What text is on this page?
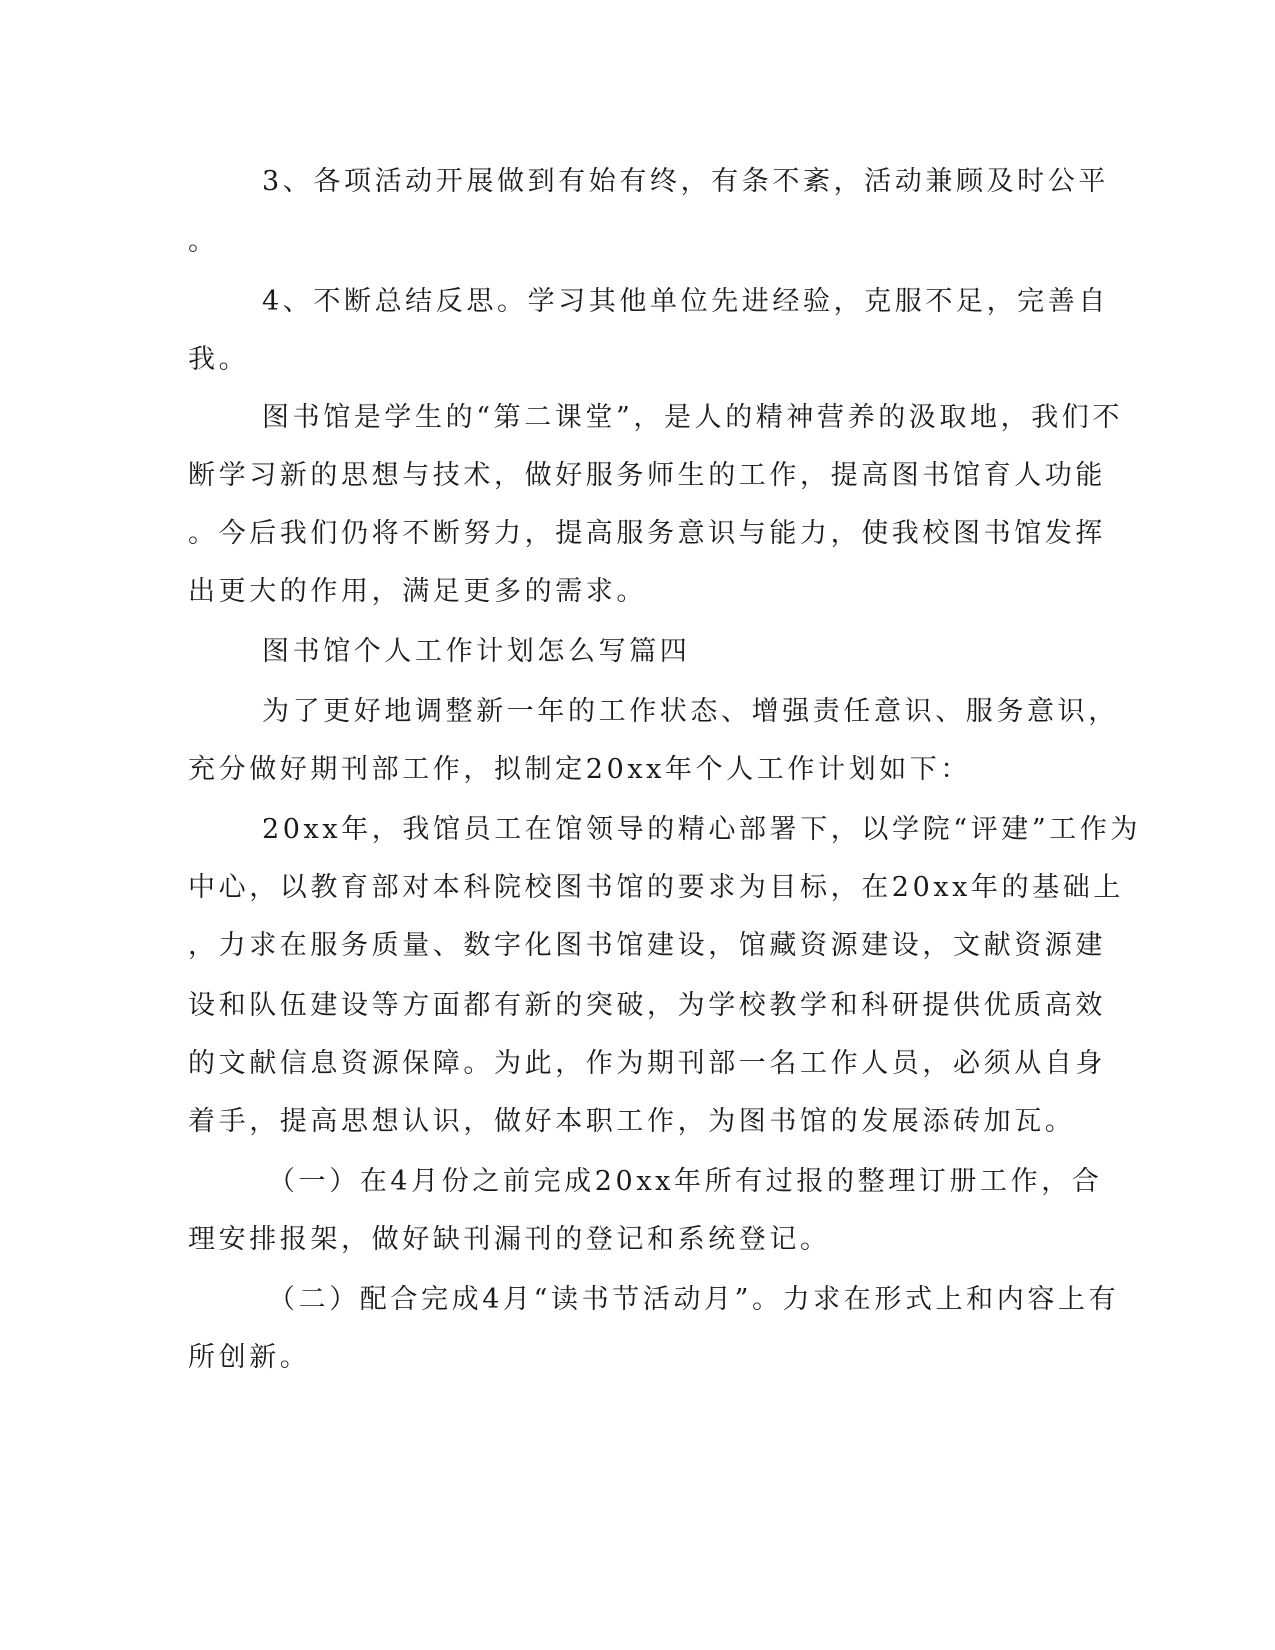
3、各项活动开展做到有始有终，有条不紊，活动兼顾及时公平
。
4、不断总结反思。学习其他单位先进经验，克服不足，完善自
我。
图书馆是学生的“第二课堂”，是人的精神营养的汲取地，我们不
断学习新的思想与技术，做好服务师生的工作，提高图书馆育人功能
。今后我们仍将不断努力，提高服务意识与能力，使我校图书馆发挥
出更大的作用，满足更多的需求。
图书馆个人工作计划怎么写篇四
为了更好地调整新一年的工作状态、增强责任意识、服务意识，
充分做好期刊部工作，拟制定20xx年个人工作计划如下：
20xx年，我馆员工在馆领导的精心部署下，以学院“评建”工作为
中心，以教育部对本科院校图书馆的要求为目标，在20xx年的基础上
，力求在服务质量、数字化图书馆建设，馆藏资源建设，文献资源建
设和队伍建设等方面都有新的突破，为学校教学和科研提供优质高效
的文献信息资源保障。为此，作为期刊部一名工作人员，必须从自身
着手，提高思想认识，做好本职工作，为图书馆的发展添砖加瓦。
（一）在4月份之前完成20xx年所有过报的整理订册工作，合
理安排报架，做好缺刊漏刊的登记和系统登记。
（二）配合完成4月“读书节活动月”。力求在形式上和内容上有
所创新。
